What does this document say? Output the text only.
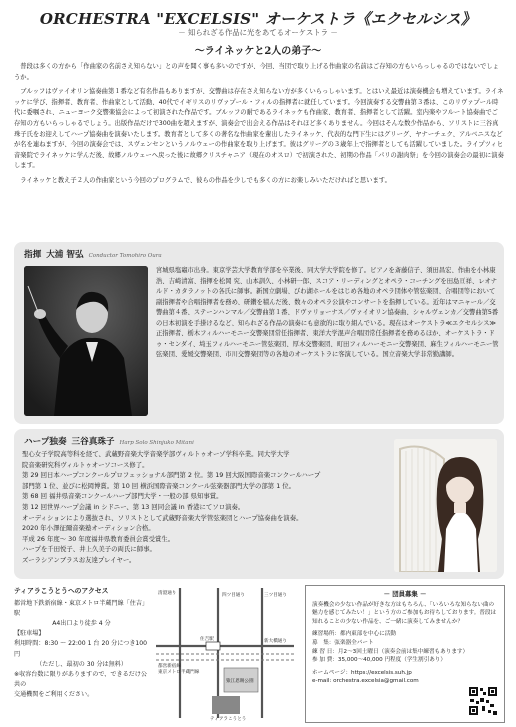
ORCHESTRA "EXCELSIS" オーケストラ《エクセルシス》
－ 知られざる作品に光をあてるオーケストラ －
～ライネッケと2人の弟子～

普段は多くの方から「作曲家の名前さえ知らない」との声を聞く事も多いのですが、今回、当団で取り上げる作曲家の名前はご存知の方もいらっしゃるのではないでしょうか。

ブルッフはヴァイオリン協奏曲第１番など有名作品もありますが、交響曲は存在さえ知らない方が多くいらっしゃいます。とはいえ最近は演奏機会も増えています。ライネッケに学び、指揮者、教育者、作曲家として活動、40代でイギリスのリヴァプール・フィルの指揮者に就任しています。今回演奏する交響曲第３番は、このリヴァプール時代に委嘱され、ニューヨーク交響楽協会によって初演された作品です。ブルッフの耐であるライネッケも作曲家、教育者、指揮者として活躍。室内楽やフルート協奏曲でご存知の方もいらっしゃるでしょう。出版作品だけで300曲を超えますが、演奏会で出会える作品はそれほど多くありません。今回はそんな数少作品から、ソリストに三谷真珠子氏をお迎えしてハープ協奏曲を演奏いたします。教育者として多くの著名な作曲家を輩出したライネッケ、代表的な門下生にはグリーグ、ヤナーチェク、アルベニスなどが名を連ねますが、今回の演奏会では、スヴェンセンというノルウェーの作曲家を取り上げます。彼はグリーグの３歳年上で指揮者としても活躍していました。ライプツィヒ音楽院でライネッケに学んだ後、故郷ノルウェーへ戻った後に故郷クリスチャニア（現在のオスロ）で初演された、初期の作品「パリの謝肉祭」を今回の演奏会の最初に演奏します。

ライネッケと教え子２人の作曲家という今回のプログラムで、彼らの作品を少しでも多くの方にお楽しみいただければと思います。

指揮 大浦 智弘 Conductor Tomohiro Oura
宮城県塩竈市出身。東京学芸大学教育学部を卒業後、同大学大学院を修了。ピアノを斎藤信子、須田昌宏、作曲を小林康浩、吉崎清富、指揮を松岡 究、山本訓久、小林研一郎、スコア・リーディングとオペラ・コーチングを田島亘祥、レオナルド・カタラノットの各氏に師事。新国立劇場、びわ湖ホールをはじめ各地のオペラ団体や管弦楽団、合唱団等において副指揮者や合唱指揮者を務め、研鑽を積んだ後、数々のオペラ公演やコンサートを指揮している。近年はマニャール／交響曲第４番、ステーンハンマル／交響曲第１番、ドヴァリョーナス／ヴァイオリン協奏曲、シャルヴェンカ／交響曲第5番の日本初演を手掛けるなど、知られざる作品の演奏にも意欲的に取り組んでいる。現在はオーケストラ≪エクセルシス≫正指揮者、栃木フィルハーモニー交響楽団常任指揮者、東洋大学混声合唱団常任指揮者を務めるほか、オーケストラ・ドゥ・センダイ、埼玉フィルハーモニー管弦楽団、厚木交響楽団、町田フィルハーモニー交響楽団、麻生フィルハーモニー管弦楽団、愛媛交響楽団、市川交響楽団等の各地のオーケストラに客演している。国立音楽大学非常勤講師。
ハープ独奏 三谷真珠子 Harp Solo Shinjuko Mitani
聖心女子学院高等科を経て、武蔵野音楽大学音楽学部ヴィルトゥオーゾ学科卒業。同大学大学
院音楽研究科ヴィルトゥオーソコース修了。
第 29 回日本ハープコンクールプロフェッショナル部門第 2 位。第 19 回大阪国際音楽コンクールハープ
部門第 1 位、並びに松岡博賞。第 10 回 横浜国際音楽コンクール弦楽器部門大学の部第 1 位。
第 68 回 福井県音楽コンクールハープ部門大学・一般の部 県知事賞。
第 12 回世界ハープ会議 in シドニー、第 13 回同会議 in 香港にてソロ演奏。
オーディションにより選抜され、ソリストとして武蔵野音楽大学管弦楽団とハープ協奏曲を演奏。
2020 年小澤征爾音楽塾オーディション合格。
平成 26 年度～ 30 年度福井県教育委員会賞受賞生。
ハープを千田悦子、井上久美子の両氏に師事。
ズーラシアンブラスお友達プレイヤー。
ティアラこうとうへのアクセス
都営地下鉄新宿線・東京メトロ半蔵門線「住吉」駅
A4出口より徒歩 4 分
【駐車場】
利用時間：8:30 ～ 22:00 1 台 20 分につき100円
（ただし、最初の 30 分は無料）
※収容台数に限りがありますので、できるだけ公共の
交通機関をご利用ください。
清澄通り	四ツ目通り	三ツ目通り
住吉駅	新大橋通り
都営新宿線
東京メトロ半蔵門線
猿江恩賜公園
ティアラこうとう
－ 団員募集 －
演奏機会の少ない作品が好きな方はもちろん、「いろいろな知らない曲の魅力を感じてみたい！」という方のご参加もお待ちしております。普段は知れることの少ない作品を、ご一緒に演奏してみませんか？
練習場所：都内東部を中心に活動
募　集：弦楽器全パート
練 習 日：月2～3回土曜日（演奏会前は集中練習もあります）
参 加 費：35,000～40,000 円程度（学生割引あり）
ホームページ：https://excelsis.suh.jp
e-mail: orchestra.excelsia@gmail.com
